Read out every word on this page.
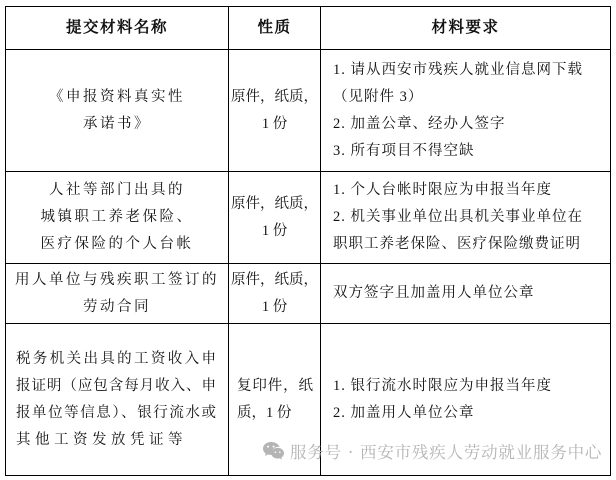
提交材料名称	性质	材料要求

《申报资料真实性
承诺书》	原件，纸质，
1 份	1. 请从西安市残疾人就业信息网下载
（见附件 3）
2. 加盖公章、经办人签字
3. 所有项目不得空缺

人社等部门出具的
城镇职工养老保险、
医疗保险的个人台帐	原件，纸质，
1 份	1. 个人台帐时限应为申报当年度
2. 机关事业单位出具机关事业单位在
职职工养老保险、医疗保险缴费证明

用人单位与残疾职工签订的
劳动合同	原件，纸质，
1 份	双方签字且加盖用人单位公章

税务机关出具的工资收入申
报证明（应包含每月收入、申
报单位等信息）、银行流水或
其他工资发放凭证等	复印件，纸
质，1 份	1. 银行流水时限应为申报当年度
2. 加盖用人单位公章
服务号 · 西安市残疾人劳动就业服务中心
